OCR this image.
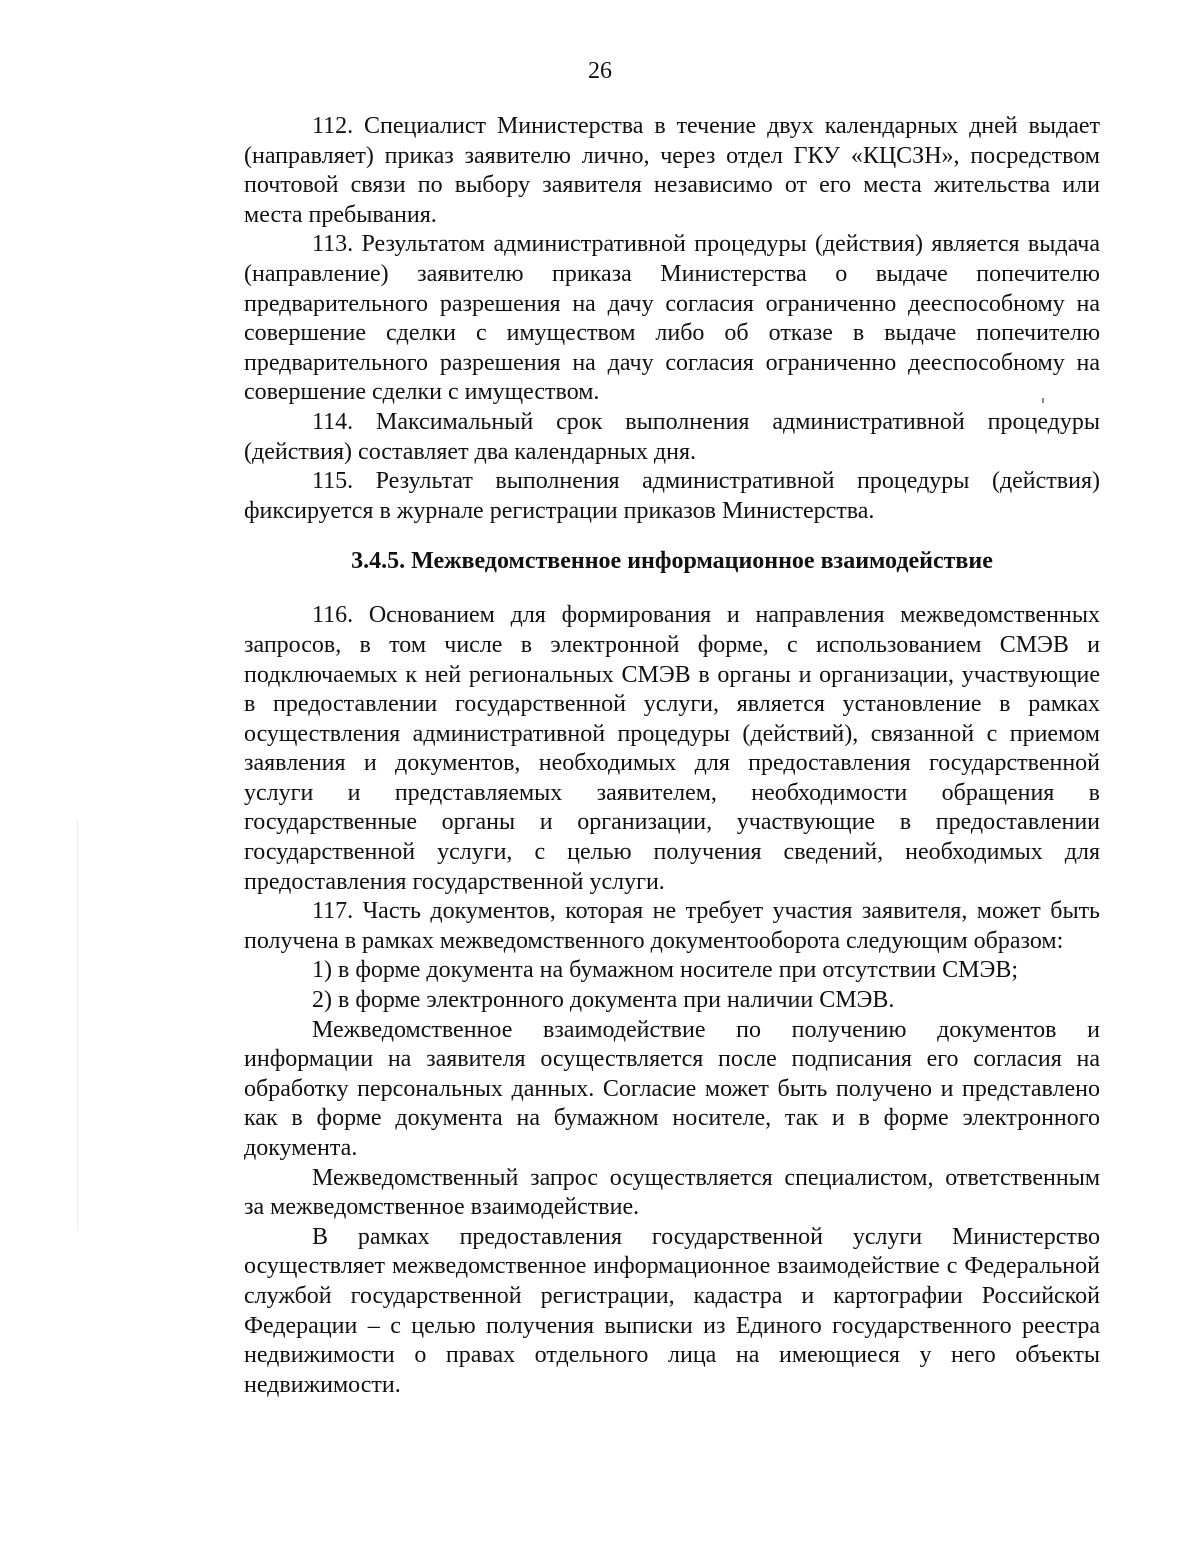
26

112. Специалист Министерства в течение двух календарных дней выдает (направляет) приказ заявителю лично, через отдел ГКУ «КЦСЗН», посредством почтовой связи по выбору заявителя независимо от его места жительства или места пребывания.

113. Результатом административной процедуры (действия) является выдача (направление) заявителю приказа Министерства о выдаче попечителю предварительного разрешения на дачу согласия ограниченно дееспособному на совершение сделки с имуществом либо об отказе в выдаче попечителю предварительного разрешения на дачу согласия ограниченно дееспособному на совершение сделки с имуществом.

114. Максимальный срок выполнения административной процедуры (действия) составляет два календарных дня.

115. Результат выполнения административной процедуры (действия) фиксируется в журнале регистрации приказов Министерства.

3.4.5. Межведомственное информационное взаимодействие

116. Основанием для формирования и направления межведомственных запросов, в том числе в электронной форме, с использованием СМЭВ и подключаемых к ней региональных СМЭВ в органы и организации, участвующие в предоставлении государственной услуги, является установление в рамках осуществления административной процедуры (действий), связанной с приемом заявления и документов, необходимых для предоставления государственной услуги и представляемых заявителем, необходимости обращения в государственные органы и организации, участвующие в предоставлении государственной услуги, с целью получения сведений, необходимых для предоставления государственной услуги.

117. Часть документов, которая не требует участия заявителя, может быть получена в рамках межведомственного документооборота следующим образом:

1) в форме документа на бумажном носителе при отсутствии СМЭВ;

2) в форме электронного документа при наличии СМЭВ.

Межведомственное взаимодействие по получению документов и информации на заявителя осуществляется после подписания его согласия на обработку персональных данных. Согласие может быть получено и представлено как в форме документа на бумажном носителе, так и в форме электронного документа.

Межведомственный запрос осуществляется специалистом, ответственным за межведомственное взаимодействие.

В рамках предоставления государственной услуги Министерство осуществляет межведомственное информационное взаимодействие с Федеральной службой государственной регистрации, кадастра и картографии Российской Федерации – с целью получения выписки из Единого государственного реестра недвижимости о правах отдельного лица на имеющиеся у него объекты недвижимости.
